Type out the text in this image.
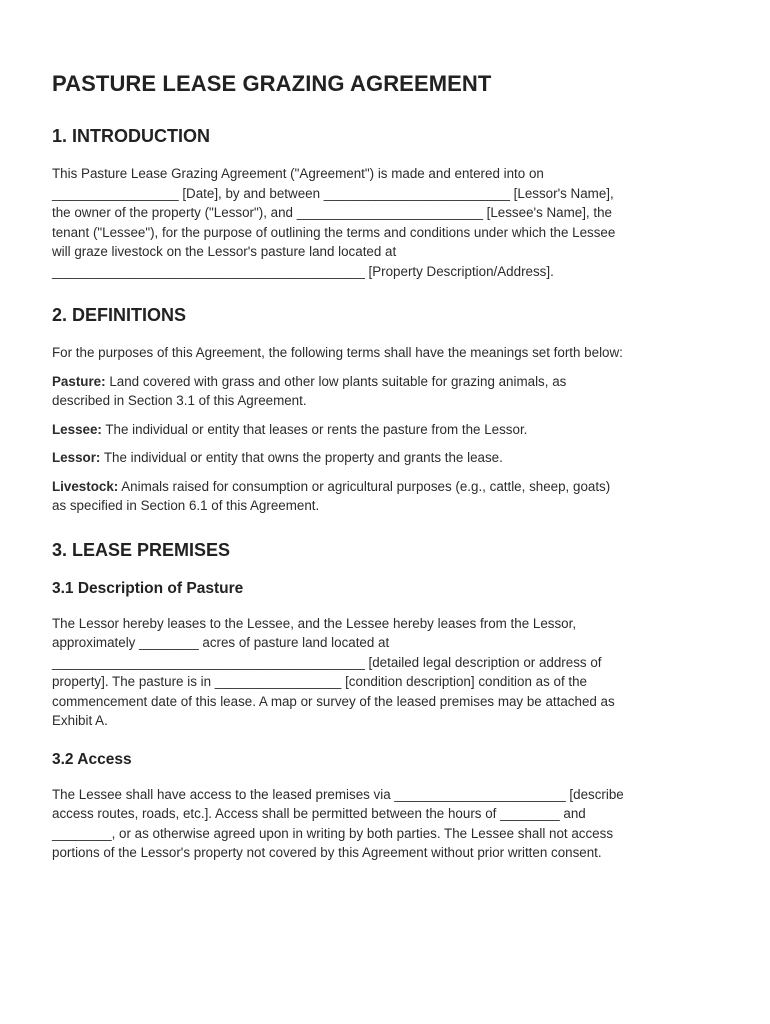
PASTURE LEASE GRAZING AGREEMENT
1. INTRODUCTION

This Pasture Lease Grazing Agreement ("Agreement") is made and entered into on
_________________ [Date], by and between _________________________ [Lessor's Name],
the owner of the property ("Lessor"), and _________________________ [Lessee's Name], the
tenant ("Lessee"), for the purpose of outlining the terms and conditions under which the Lessee
will graze livestock on the Lessor's pasture land located at
__________________________________________ [Property Description/Address].

2. DEFINITIONS

For the purposes of this Agreement, the following terms shall have the meanings set forth below:

Pasture: Land covered with grass and other low plants suitable for grazing animals, as
described in Section 3.1 of this Agreement.

Lessee: The individual or entity that leases or rents the pasture from the Lessor.

Lessor: The individual or entity that owns the property and grants the lease.

Livestock: Animals raised for consumption or agricultural purposes (e.g., cattle, sheep, goats)
as specified in Section 6.1 of this Agreement.

3. LEASE PREMISES
3.1 Description of Pasture

The Lessor hereby leases to the Lessee, and the Lessee hereby leases from the Lessor,
approximately ________ acres of pasture land located at
__________________________________________ [detailed legal description or address of
property]. The pasture is in _________________ [condition description] condition as of the
commencement date of this lease. A map or survey of the leased premises may be attached as
Exhibit A.

3.2 Access

The Lessee shall have access to the leased premises via _______________________ [describe
access routes, roads, etc.]. Access shall be permitted between the hours of ________ and
________, or as otherwise agreed upon in writing by both parties. The Lessee shall not access
portions of the Lessor's property not covered by this Agreement without prior written consent.
